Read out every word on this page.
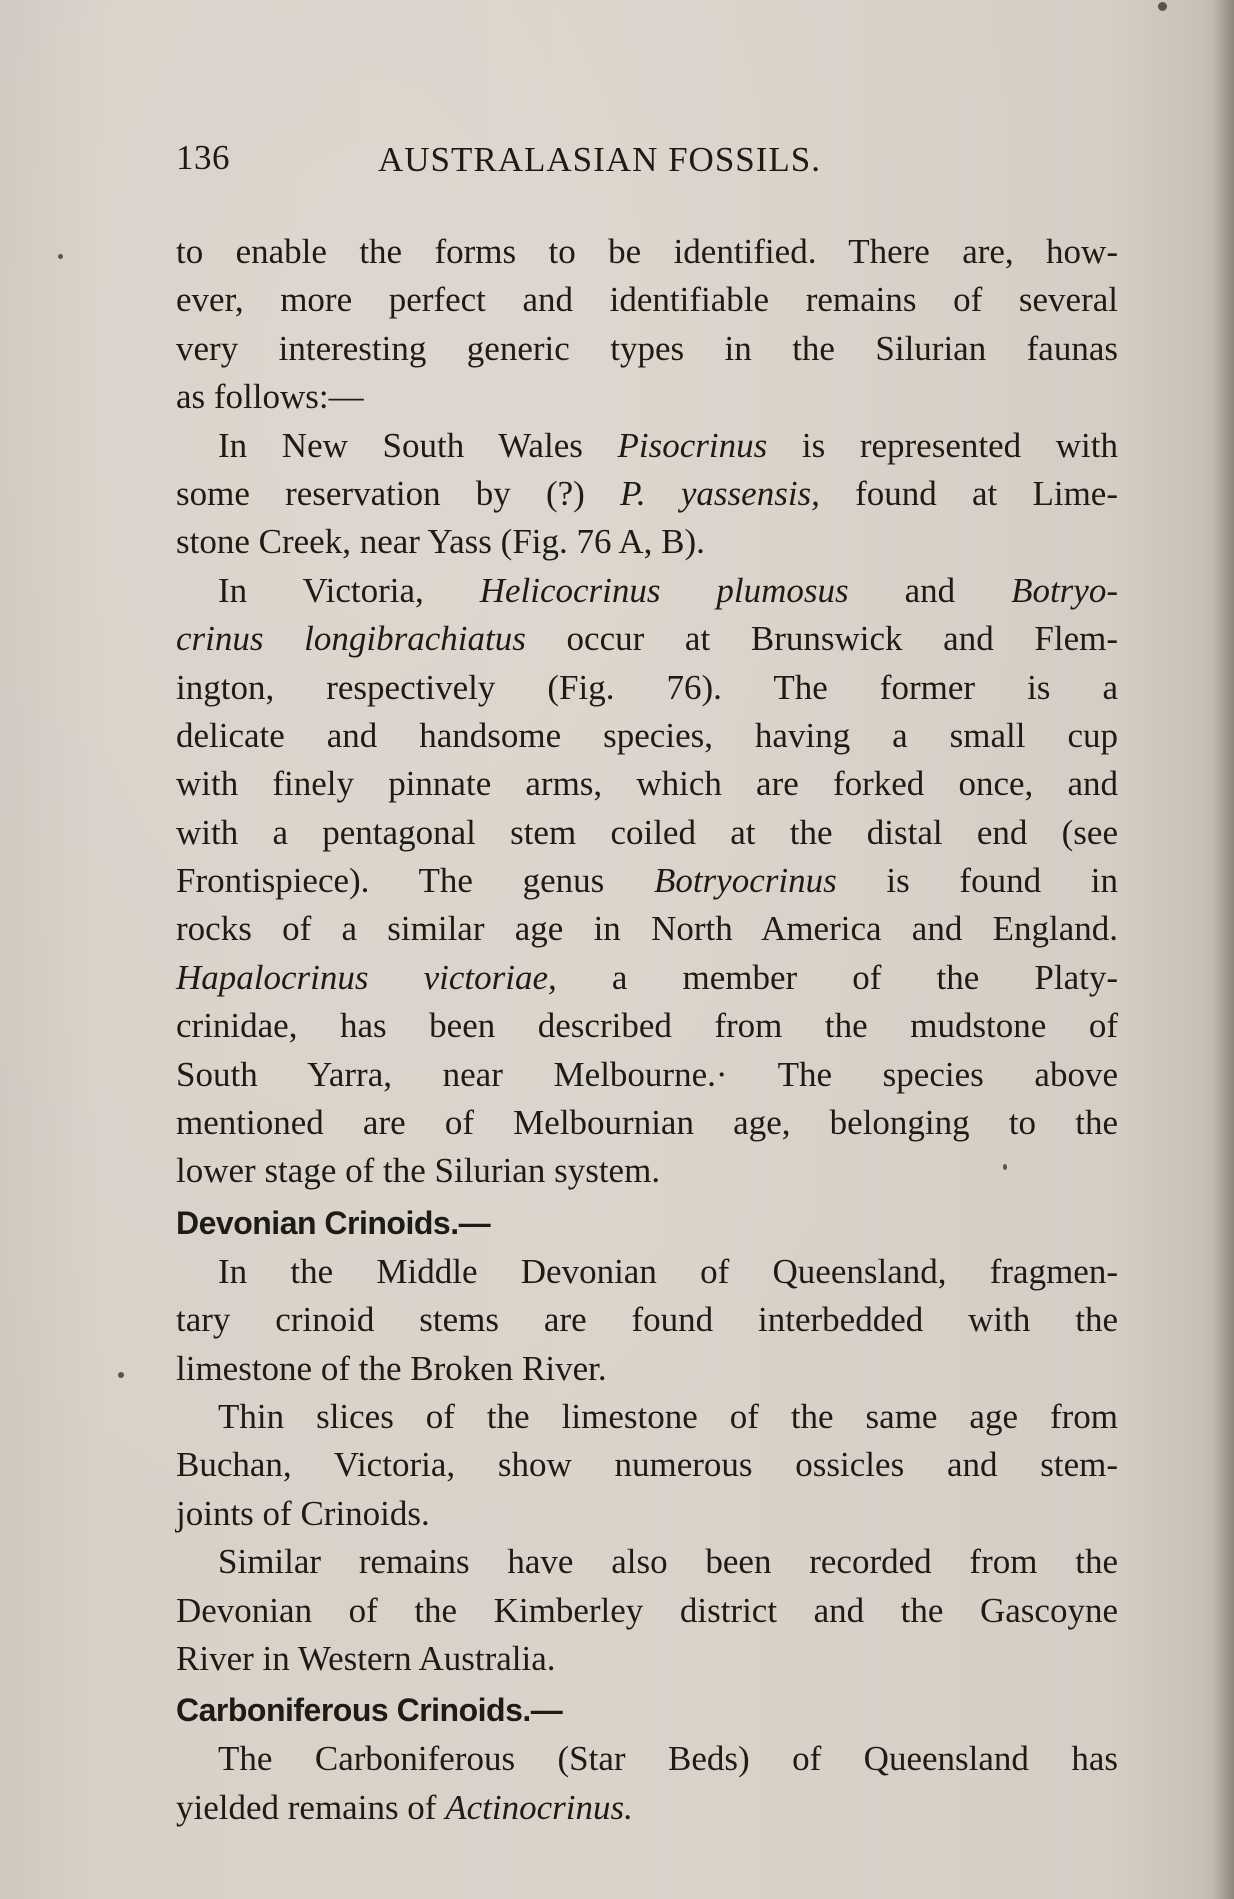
136	AUSTRALASIAN FOSSILS.
to enable the forms to be identified. There are, how-
ever, more perfect and identifiable remains of several
very interesting generic types in the Silurian faunas
as follows:—
In New South Wales Pisocrinus is represented with
some reservation by (?) P. yassensis, found at Lime-
stone Creek, near Yass (Fig. 76 A, B).
In Victoria, Helicocrinus plumosus and Botryo-
crinus longibrachiatus occur at Brunswick and Flem-
ington, respectively (Fig. 76). The former is a
delicate and handsome species, having a small cup
with finely pinnate arms, which are forked once, and
with a pentagonal stem coiled at the distal end (see
Frontispiece). The genus Botryocrinus is found in
rocks of a similar age in North America and England.
Hapalocrinus victoriae, a member of the Platy-
crinidae, has been described from the mudstone of
South Yarra, near Melbourne.· The species above
mentioned are of Melbournian age, belonging to the
lower stage of the Silurian system.
Devonian Crinoids.—
In the Middle Devonian of Queensland, fragmen-
tary crinoid stems are found interbedded with the
limestone of the Broken River.
Thin slices of the limestone of the same age from
Buchan, Victoria, show numerous ossicles and stem-
joints of Crinoids.
Similar remains have also been recorded from the
Devonian of the Kimberley district and the Gascoyne
River in Western Australia.
Carboniferous Crinoids.—
The Carboniferous (Star Beds) of Queensland has
yielded remains of Actinocrinus.
